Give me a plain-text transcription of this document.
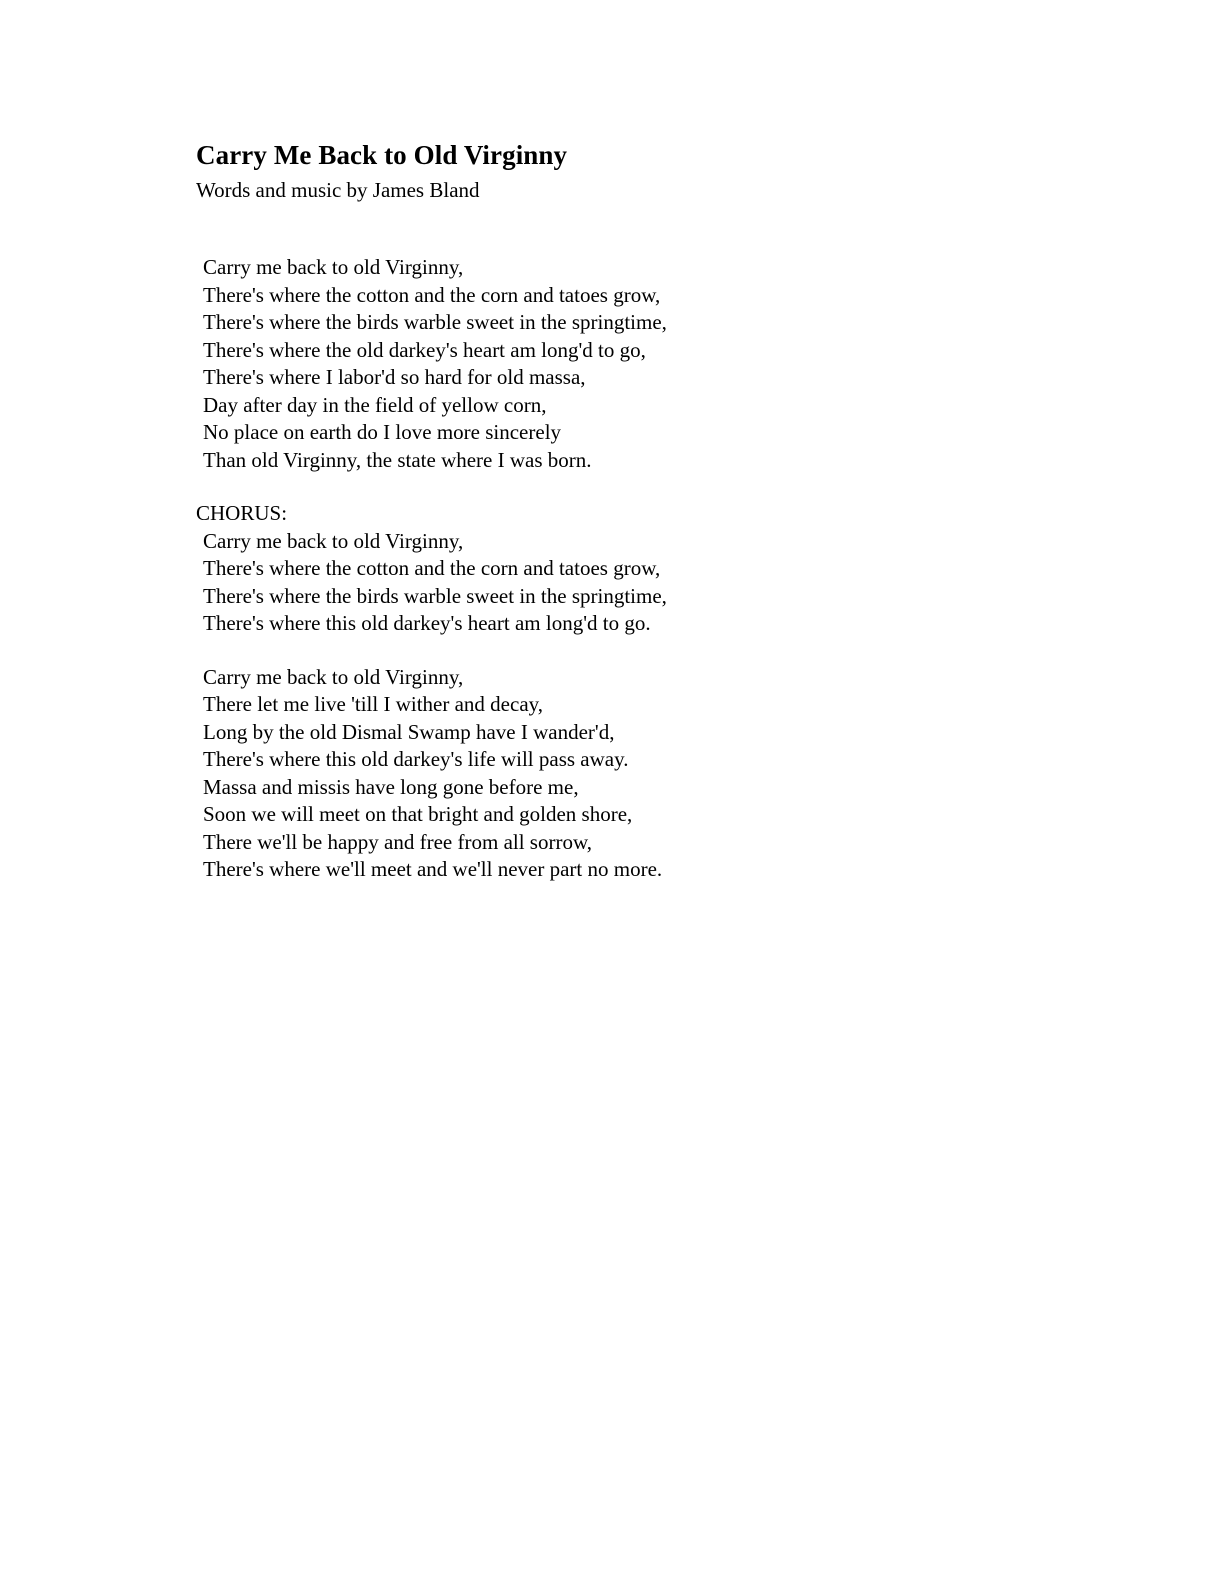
Carry Me Back to Old Virginny

Words and music by James Bland

Carry me back to old Virginny,
There's where the cotton and the corn and tatoes grow,
There's where the birds warble sweet in the springtime,
There's where the old darkey's heart am long'd to go,
There's where I labor'd so hard for old massa,
Day after day in the field of yellow corn,
No place on earth do I love more sincerely
Than old Virginny, the state where I was born.
CHORUS:
Carry me back to old Virginny,
There's where the cotton and the corn and tatoes grow,
There's where the birds warble sweet in the springtime,
There's where this old darkey's heart am long'd to go.
Carry me back to old Virginny,
There let me live 'till I wither and decay,
Long by the old Dismal Swamp have I wander'd,
There's where this old darkey's life will pass away.
Massa and missis have long gone before me,
Soon we will meet on that bright and golden shore,
There we'll be happy and free from all sorrow,
There's where we'll meet and we'll never part no more.
